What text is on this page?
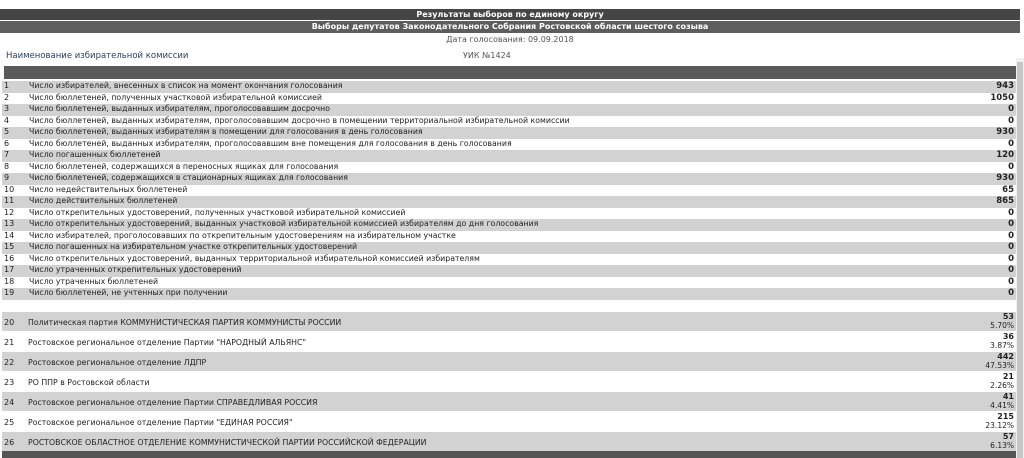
Результаты выборов по единому округу
Выборы депутатов Законодательного Собрания Ростовской области шестого созыва
Дата голосования: 09.09.2018
Наименование избирательной комиссии	УИК №1424
1	Число избирателей, внесенных в список на момент окончания голосования	943
2	Число бюллетеней, полученных участковой избирательной комиссией	1050
3	Число бюллетеней, выданных избирателям, проголосовавшим досрочно	0
4	Число бюллетеней, выданных избирателям, проголосовавшим досрочно в помещении территориальной избирательной комиссии	0
5	Число бюллетеней, выданных избирателям в помещении для голосования в день голосования	930
6	Число бюллетеней, выданных избирателям, проголосовавшим вне помещения для голосования в день голосования	0
7	Число погашенных бюллетеней	120
8	Число бюллетеней, содержащихся в переносных ящиках для голосования	0
9	Число бюллетеней, содержащихся в стационарных ящиках для голосования	930
10 Число недействительных бюллетеней	65
11 Число действительных бюллетеней	865
12 Число открепительных удостоверений, полученных участковой избирательной комиссией	0
13 Число открепительных удостоверений, выданных участковой избирательной комиссией избирателям до дня голосования	0
14 Число избирателей, проголосовавших по открепительным удостоверениям на избирательном участке	0
15 Число погашенных на избирательном участке открепительных удостоверений	0
16 Число открепительных удостоверений, выданных территориальной избирательной комиссией избирателям	0
17 Число утраченных открепительных удостоверений	0
18 Число утраченных бюллетеней	0
19 Число бюллетеней, не учтенных при получении	0
20 Политическая партия КОММУНИСТИЧЕСКАЯ ПАРТИЯ КОММУНИСТЫ РОССИИ
53
5.70%
21 Ростовское региональное отделение Партии "НАРОДНЫЙ АЛЬЯНС"
36
3.87%
22 Ростовское региональное отделение ЛДПР
442
47.53%
23 РО ППР в Ростовской области
21
2.26%
24 Ростовское региональное отделение Партии СПРАВЕДЛИВАЯ РОССИЯ
41
4.41%
25 Ростовское региональное отделение Партии "ЕДИНАЯ РОССИЯ"
215
23.12%
26 РОСТОВСКОЕ ОБЛАСТНОЕ ОТДЕЛЕНИЕ КОММУНИСТИЧЕСКОЙ ПАРТИИ РОССИЙСКОЙ ФЕДЕРАЦИИ
57
6.13%
